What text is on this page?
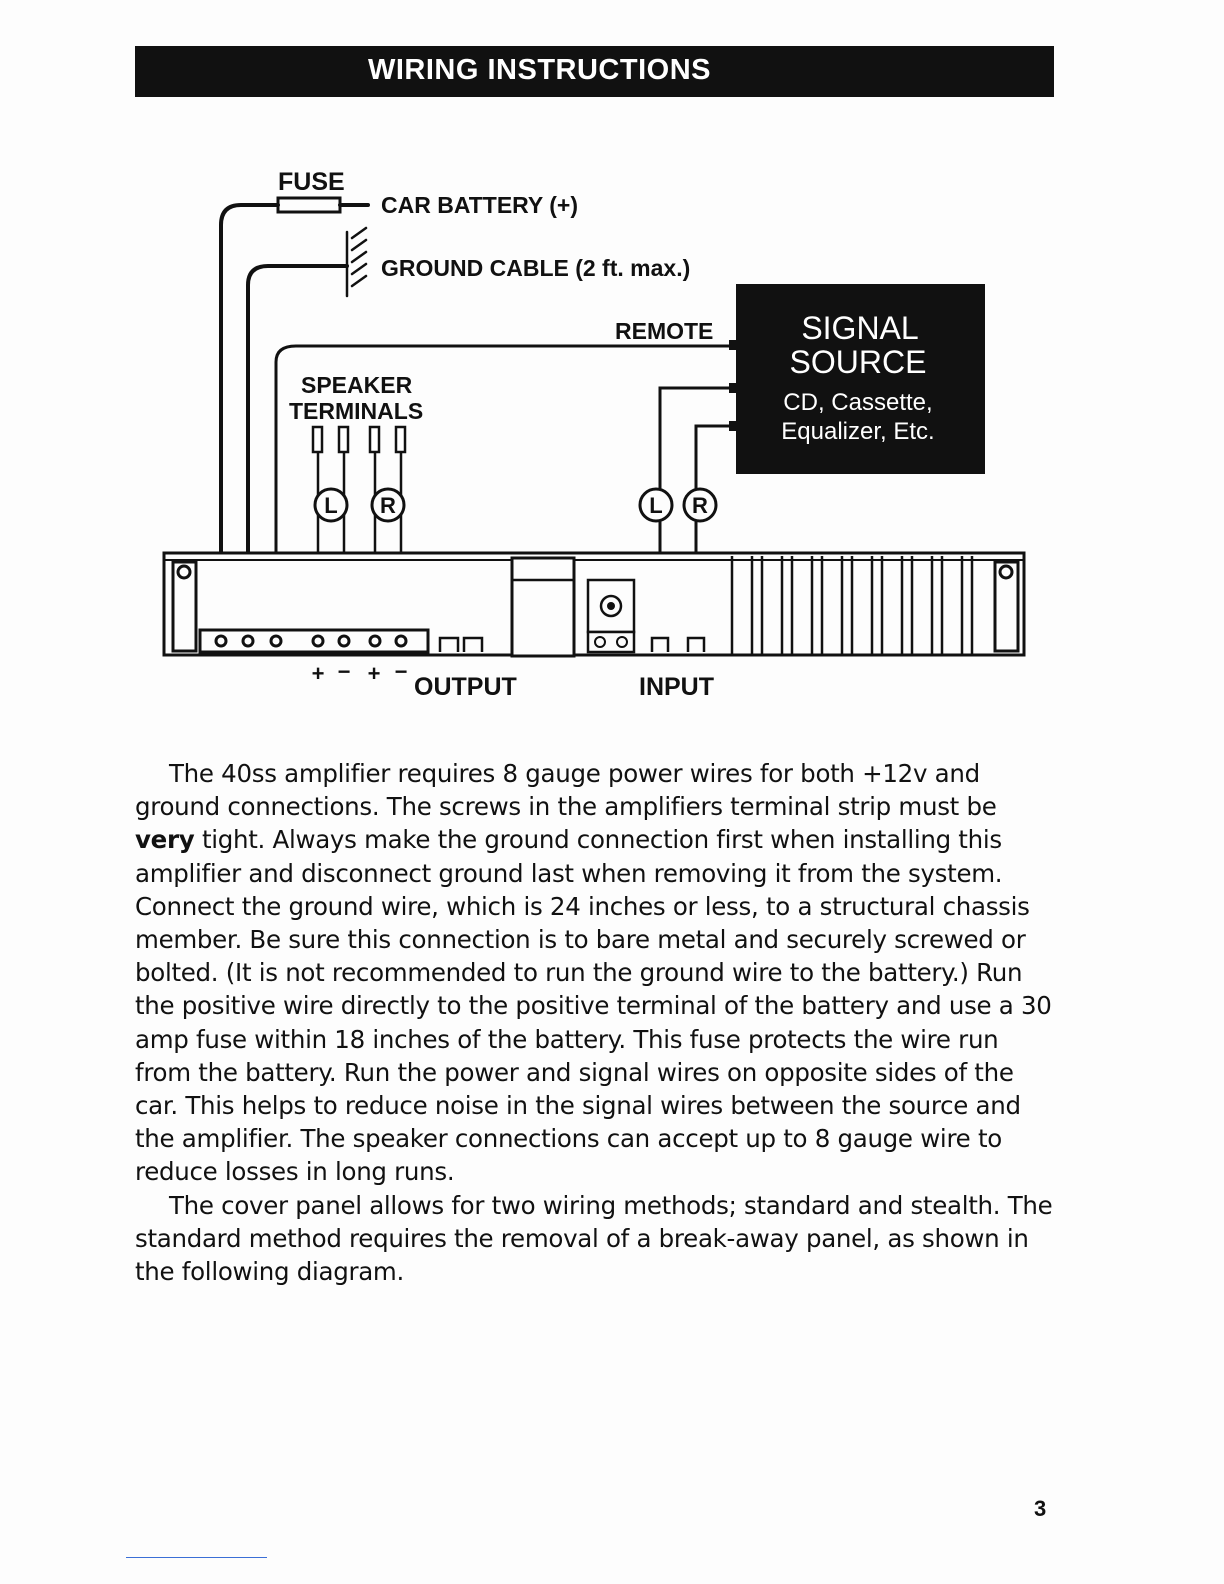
WIRING INSTRUCTIONS
FUSE
CAR BATTERY (+)
GROUND CABLE (2 ft. max.)
REMOTE
SPEAKER
TERMINALS
SIGNAL
SOURCE
CD, Cassette,
Equalizer, Etc.
L R	L R
+ − + −
OUTPUT	INPUT

The 40ss amplifier requires 8 gauge power wires for both +12v and ground connections. The screws in the amplifiers terminal strip must be very tight. Always make the ground connection first when installing this amplifier and disconnect ground last when removing it from the system. Connect the ground wire, which is 24 inches or less, to a structural chassis member. Be sure this connection is to bare metal and securely screwed or bolted. (It is not recommended to run the ground wire to the battery.) Run the positive wire directly to the positive terminal of the battery and use a 30 amp fuse within 18 inches of the battery. This fuse protects the wire run from the battery. Run the power and signal wires on opposite sides of the car. This helps to reduce noise in the signal wires between the source and the amplifier. The speaker connections can accept up to 8 gauge wire to reduce losses in long runs.

The cover panel allows for two wiring methods; standard and stealth. The standard method requires the removal of a break-away panel, as shown in the following diagram.

3
